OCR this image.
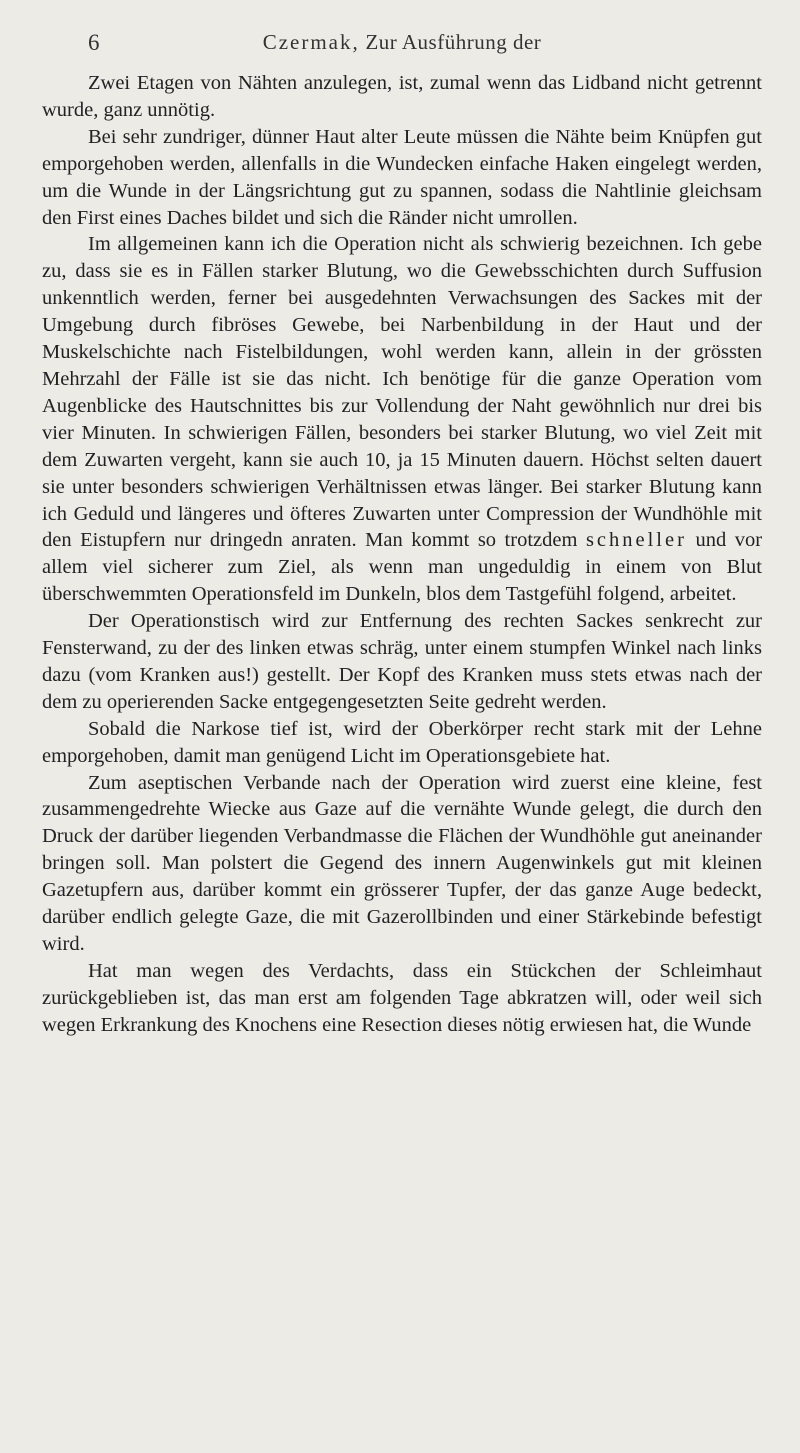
6	Czermak, Zur Ausführung der

Zwei Etagen von Nähten anzulegen, ist, zumal wenn das Lidband nicht getrennt wurde, ganz unnötig.

Bei sehr zundriger, dünner Haut alter Leute müssen die Nähte beim Knüpfen gut emporgehoben werden, allenfalls in die Wundecken einfache Haken eingelegt werden, um die Wunde in der Längsrichtung gut zu spannen, sodass die Nahtlinie gleichsam den First eines Daches bildet und sich die Ränder nicht umrollen.

Im allgemeinen kann ich die Operation nicht als schwierig bezeichnen. Ich gebe zu, dass sie es in Fällen starker Blutung, wo die Gewebsschichten durch Suffusion unkenntlich werden, ferner bei ausgedehnten Verwachsungen des Sackes mit der Umgebung durch fibröses Gewebe, bei Narbenbildung in der Haut und der Muskelschichte nach Fistelbildungen, wohl werden kann, allein in der grössten Mehrzahl der Fälle ist sie das nicht. Ich benötige für die ganze Operation vom Augenblicke des Hautschnittes bis zur Vollendung der Naht gewöhnlich nur drei bis vier Minuten. In schwierigen Fällen, besonders bei starker Blutung, wo viel Zeit mit dem Zuwarten vergeht, kann sie auch 10, ja 15 Minuten dauern. Höchst selten dauert sie unter besonders schwierigen Verhältnissen etwas länger. Bei starker Blutung kann ich Geduld und längeres und öfteres Zuwarten unter Compression der Wundhöhle mit den Eistupfern nur dringedn anraten. Man kommt so trotzdem schneller und vor allem viel sicherer zum Ziel, als wenn man ungeduldig in einem von Blut überschwemmten Operationsfeld im Dunkeln, blos dem Tastgefühl folgend, arbeitet.

Der Operationstisch wird zur Entfernung des rechten Sackes senkrecht zur Fensterwand, zu der des linken etwas schräg, unter einem stumpfen Winkel nach links dazu (vom Kranken aus!) gestellt. Der Kopf des Kranken muss stets etwas nach der dem zu operierenden Sacke entgegengesetzten Seite gedreht werden.

Sobald die Narkose tief ist, wird der Oberkörper recht stark mit der Lehne emporgehoben, damit man genügend Licht im Operationsgebiete hat.

Zum aseptischen Verbande nach der Operation wird zuerst eine kleine, fest zusammengedrehte Wiecke aus Gaze auf die vernähte Wunde gelegt, die durch den Druck der darüber liegenden Verbandmasse die Flächen der Wundhöhle gut aneinander bringen soll. Man polstert die Gegend des innern Augenwinkels gut mit kleinen Gazetupfern aus, darüber kommt ein grösserer Tupfer, der das ganze Auge bedeckt, darüber endlich gelegte Gaze, die mit Gazerollbinden und einer Stärkebinde befestigt wird.

Hat man wegen des Verdachts, dass ein Stückchen der Schleimhaut zurückgeblieben ist, das man erst am folgenden Tage abkratzen will, oder weil sich wegen Erkrankung des Knochens eine Resection dieses nötig erwiesen hat, die Wunde
